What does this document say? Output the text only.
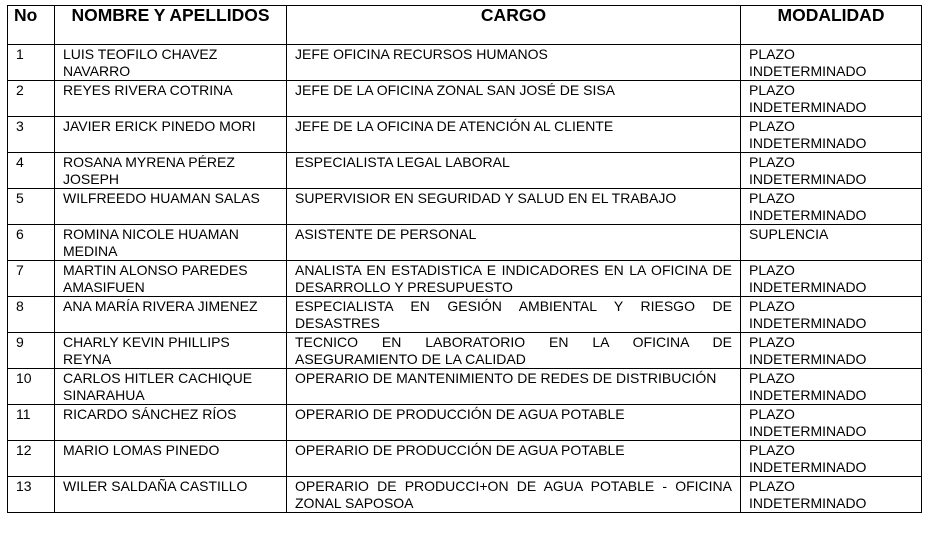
No	NOMBRE Y APELLIDOS	CARGO	MODALIDAD
1	LUIS TEOFILO CHAVEZ NAVARRO	JEFE OFICINA RECURSOS HUMANOS	PLAZO INDETERMINADO
2	REYES RIVERA COTRINA	JEFE DE LA OFICINA ZONAL SAN JOSÉ DE SISA	PLAZO INDETERMINADO
3	JAVIER ERICK PINEDO MORI	JEFE DE LA OFICINA DE ATENCIÓN AL CLIENTE	PLAZO INDETERMINADO
4	ROSANA MYRENA PÉREZ JOSEPH	ESPECIALISTA LEGAL LABORAL	PLAZO INDETERMINADO
5	WILFREEDO HUAMAN SALAS	SUPERVISIOR EN SEGURIDAD Y SALUD EN EL TRABAJO	PLAZO INDETERMINADO
6	ROMINA NICOLE HUAMAN MEDINA	ASISTENTE DE PERSONAL	SUPLENCIA
7	MARTIN ALONSO PAREDES AMASIFUEN	ANALISTA EN ESTADISTICA E INDICADORES EN LA OFICINA DE DESARROLLO Y PRESUPUESTO	PLAZO INDETERMINADO
8	ANA MARÍA RIVERA JIMENEZ	ESPECIALISTA EN GESIÓN AMBIENTAL Y RIESGO DE DESASTRES	PLAZO INDETERMINADO
9	CHARLY KEVIN PHILLIPS REYNA	TECNICO EN LABORATORIO EN LA OFICINA DE ASEGURAMIENTO DE LA CALIDAD	PLAZO INDETERMINADO
10	CARLOS HITLER CACHIQUE SINARAHUA	OPERARIO DE MANTENIMIENTO DE REDES DE DISTRIBUCIÓN	PLAZO INDETERMINADO
11	RICARDO SÁNCHEZ RÍOS	OPERARIO DE PRODUCCIÓN DE AGUA POTABLE	PLAZO INDETERMINADO
12	MARIO LOMAS PINEDO	OPERARIO DE PRODUCCIÓN DE AGUA POTABLE	PLAZO INDETERMINADO
13	WILER SALDAÑA CASTILLO	OPERARIO DE PRODUCCI+ON DE AGUA POTABLE - OFICINA ZONAL SAPOSOA	PLAZO INDETERMINADO
